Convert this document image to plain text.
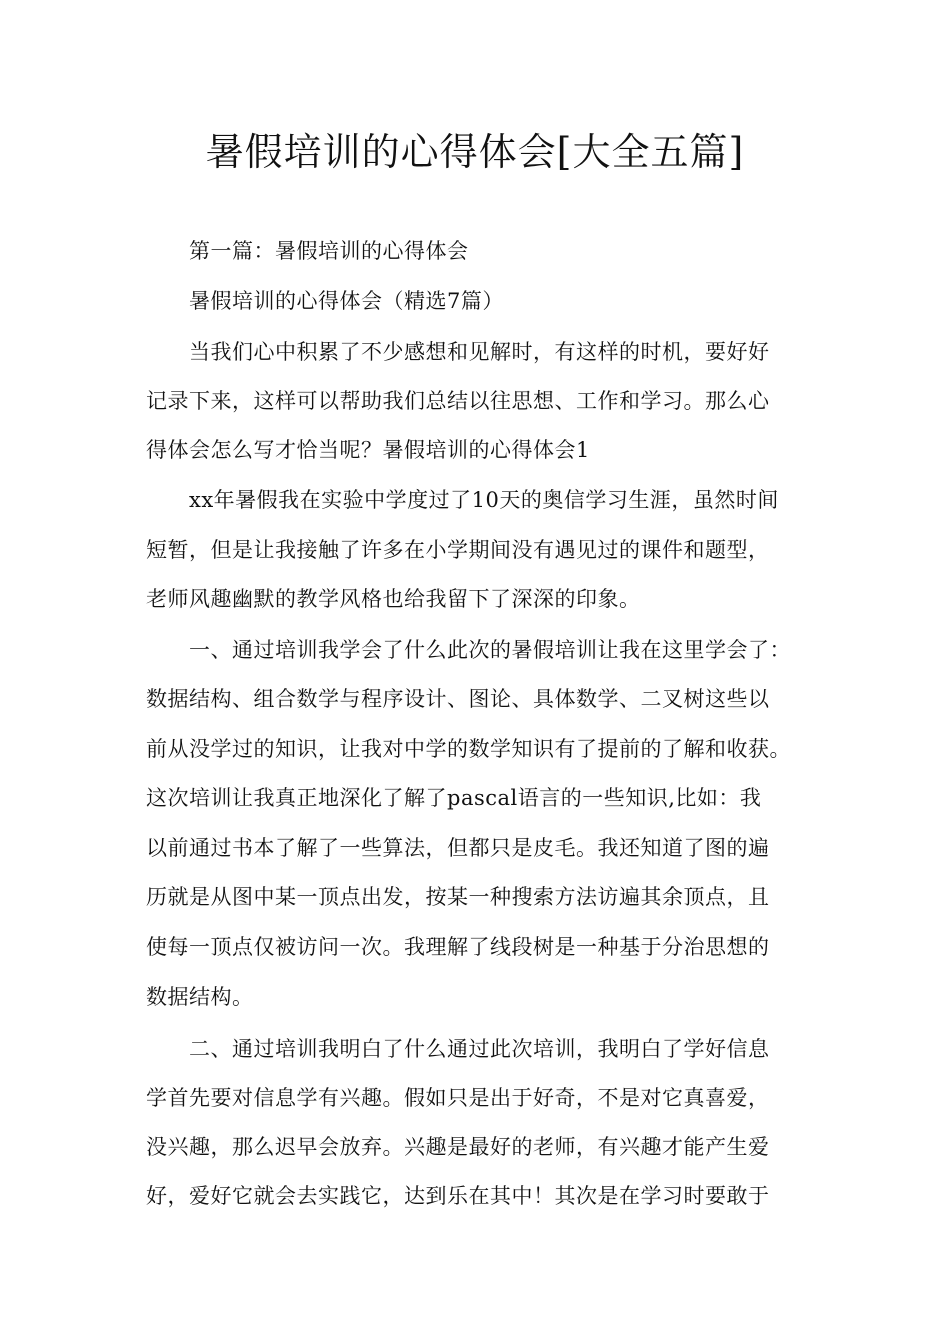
暑假培训的心得体会[大全五篇]
第一篇：暑假培训的心得体会
暑假培训的心得体会（精选7篇）
当我们心中积累了不少感想和见解时，有这样的时机，要好好
记录下来，这样可以帮助我们总结以往思想、工作和学习。那么心
得体会怎么写才恰当呢？暑假培训的心得体会1
xx年暑假我在实验中学度过了10天的奥信学习生涯，虽然时间
短暂，但是让我接触了许多在小学期间没有遇见过的课件和题型，
老师风趣幽默的教学风格也给我留下了深深的印象。
一、通过培训我学会了什么此次的暑假培训让我在这里学会了：
数据结构、组合数学与程序设计、图论、具体数学、二叉树这些以
前从没学过的知识，让我对中学的数学知识有了提前的了解和收获。
这次培训让我真正地深化了解了pascal语言的一些知识,比如：我
以前通过书本了解了一些算法，但都只是皮毛。我还知道了图的遍
历就是从图中某一顶点出发，按某一种搜索方法访遍其余顶点，且
使每一顶点仅被访问一次。我理解了线段树是一种基于分治思想的
数据结构。
二、通过培训我明白了什么通过此次培训，我明白了学好信息
学首先要对信息学有兴趣。假如只是出于好奇，不是对它真喜爱，
没兴趣，那么迟早会放弃。兴趣是最好的老师，有兴趣才能产生爱
好，爱好它就会去实践它，达到乐在其中！其次是在学习时要敢于
